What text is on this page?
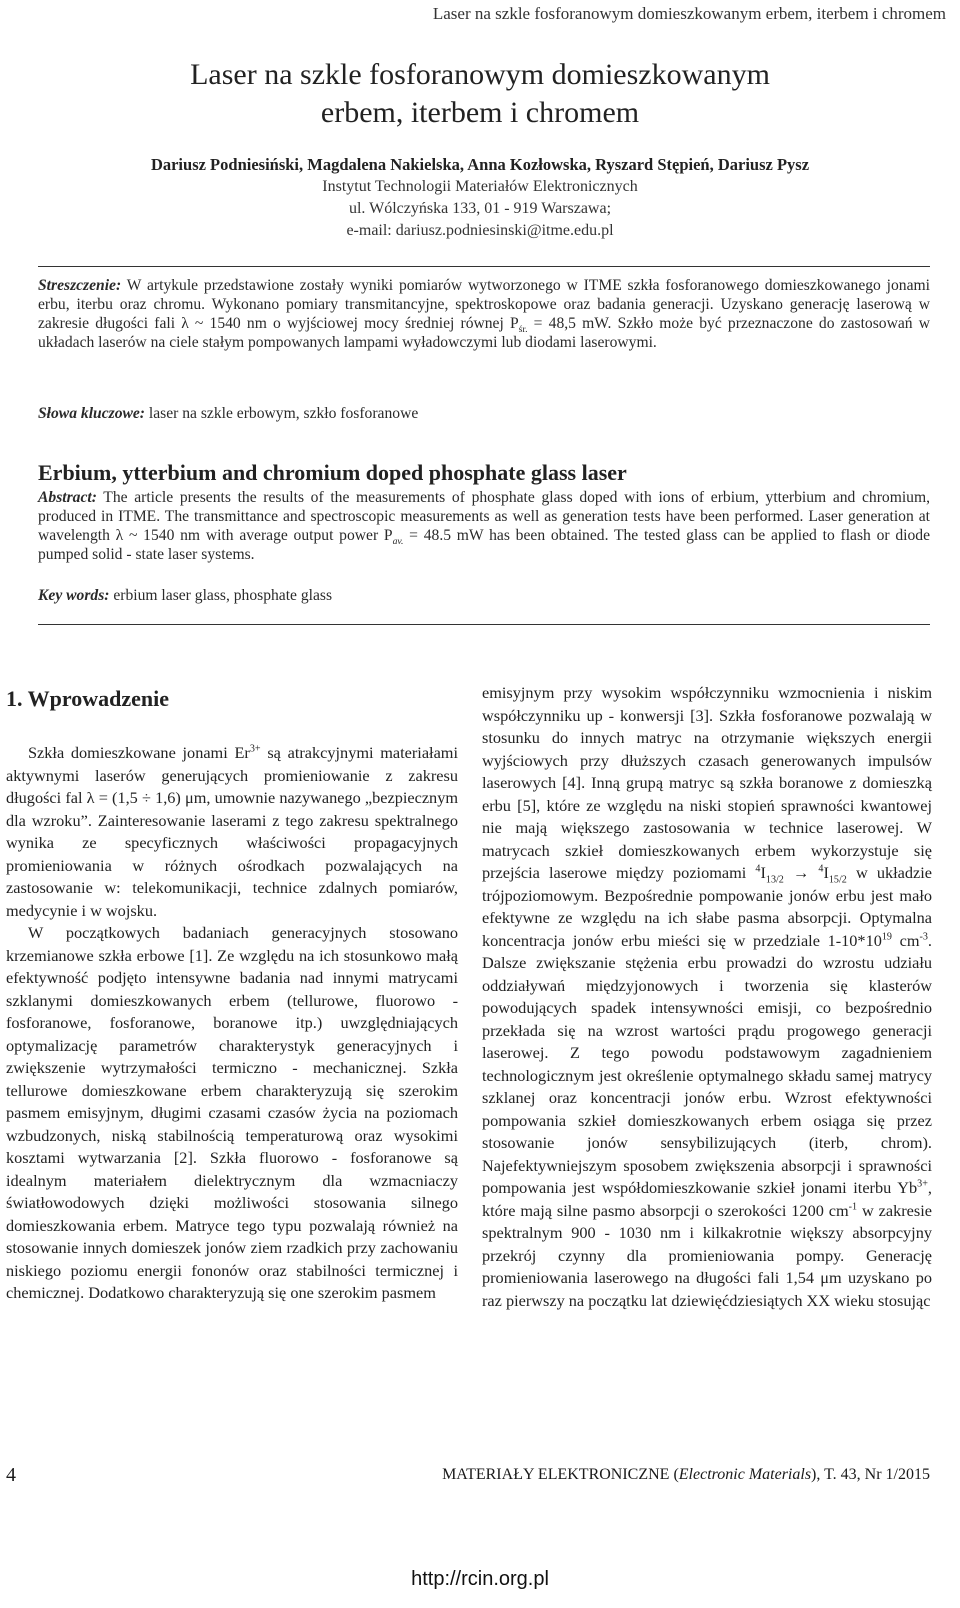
Laser na szkle fosforanowym domieszkowanym erbem, iterbem i chromem
Laser na szkle fosforanowym domieszkowanym
erbem, iterbem i chromem
Dariusz Podniesiński, Magdalena Nakielska, Anna Kozłowska, Ryszard Stępień, Dariusz Pysz
Instytut Technologii Materiałów Elektronicznych
ul. Wólczyńska 133, 01 - 919 Warszawa;
e-mail: dariusz.podniesinski@itme.edu.pl
Streszczenie: W artykule przedstawione zostały wyniki pomiarów wytworzonego w ITME szkła fosforanowego domieszkowanego jonami erbu, iterbu oraz chromu. Wykonano pomiary transmitancyjne, spektroskopowe oraz badania generacji. Uzyskano generację laserową w zakresie długości fali λ ~ 1540 nm o wyjściowej mocy średniej równej $P_{śr.} = 48,5$ mW. Szkło może być przeznaczone do zastosowań w układach laserów na ciele stałym pompowanych lampami wyładowczymi lub diodami laserowymi.
Słowa kluczowe: laser na szkle erbowym, szkło fosforanowe
Erbium, ytterbium and chromium doped phosphate glass laser
Abstract: The article presents the results of the measurements of phosphate glass doped with ions of erbium, ytterbium and chromium, produced in ITME. The transmittance and spectroscopic measurements as well as generation tests have been performed. Laser generation at wavelength λ ~ 1540 nm with average output power $P_{av.} = 48.5$ mW has been obtained. The tested glass can be applied to flash or diode pumped solid - state laser systems.
Key words: erbium laser glass, phosphate glass
1. Wprowadzenie

Szkła domieszkowane jonami $Er^{3+}$ są atrakcyjnymi materiałami aktywnymi laserów generujących promieniowanie z zakresu długości fal λ = (1,5 ÷ 1,6) μm, umownie nazywanego „bezpiecznym dla wzroku”. Zainteresowanie laserami z tego zakresu spektralnego wynika ze specyficznych właściwości propagacyjnych promieniowania w różnych ośrodkach pozwalających na zastosowanie w: telekomunikacji, technice zdalnych pomiarów, medycynie i w wojsku.

W początkowych badaniach generacyjnych stosowano krzemianowe szkła erbowe [1]. Ze względu na ich stosunkowo małą efektywność podjęto intensywne badania nad innymi matrycami szklanymi domieszkowanych erbem (tellurowe, fluorowo - fosforanowe, fosforanowe, boranowe itp.) uwzględniających optymalizację parametrów charakterystyk generacyjnych i zwiększenie wytrzymałości termiczno - mechanicznej. Szkła tellurowe domieszkowane erbem charakteryzują się szerokim pasmem emisyjnym, długimi czasami czasów życia na poziomach wzbudzonych, niską stabilnością temperaturową oraz wysokimi kosztami wytwarzania [2]. Szkła fluorowo - fosforanowe są idealnym materiałem dielektrycznym dla wzmacniaczy światłowodowych dzięki możliwości stosowania silnego domieszkowania erbem. Matryce tego typu pozwalają również na stosowanie innych domieszek jonów ziem rzadkich przy zachowaniu niskiego poziomu energii fononów oraz stabilności termicznej i chemicznej. Dodatkowo charakteryzują się one szerokim pasmem

emisyjnym przy wysokim współczynniku wzmocnienia i niskim współczynniku up - konwersji [3]. Szkła fosforanowe pozwalają w stosunku do innych matryc na otrzymanie większych energii wyjściowych przy dłuższych czasach generowanych impulsów laserowych [4]. Inną grupą matryc są szkła boranowe z domieszką erbu [5], które ze względu na niski stopień sprawności kwantowej nie mają większego zastosowania w technice laserowej. W matrycach szkieł domieszkowanych erbem wykorzystuje się przejścia laserowe między poziomami $^4I_{13/2} \to ^4I_{15/2}$ w układzie trójpoziomowym. Bezpośrednie pompowanie jonów erbu jest mało efektywne ze względu na ich słabe pasma absorpcji. Optymalna koncentracja jonów erbu mieści się w przedziale $1-10*10^{19}$ $cm^{-3}$. Dalsze zwiększanie stężenia erbu prowadzi do wzrostu udziału oddziaływań międzyjonowych i tworzenia się klasterów powodujących spadek intensywności emisji, co bezpośrednio przekłada się na wzrost wartości prądu progowego generacji laserowej. Z tego powodu podstawowym zagadnieniem technologicznym jest określenie optymalnego składu samej matrycy szklanej oraz koncentracji jonów erbu. Wzrost efektywności pompowania szkieł domieszkowanych erbem osiąga się przez stosowanie jonów sensybilizujących (iterb, chrom). Najefektywniejszym sposobem zwiększenia absorpcji i sprawności pompowania jest współdomieszkowanie szkieł jonami iterbu $Yb^{3+}$, które mają silne pasmo absorpcji o szerokości 1200 $cm^{-1}$ w zakresie spektralnym 900 - 1030 nm i kilkakrotnie większy absorpcyjny przekrój czynny dla promieniowania pompy. Generację promieniowania laserowego na długości fali 1,54 μm uzyskano po raz pierwszy na początku lat dziewięćdziesiątych XX wieku stosując

4	MATERIAŁY ELEKTRONICZNE (Electronic Materials), T. 43, Nr 1/2015
http://rcin.org.pl
